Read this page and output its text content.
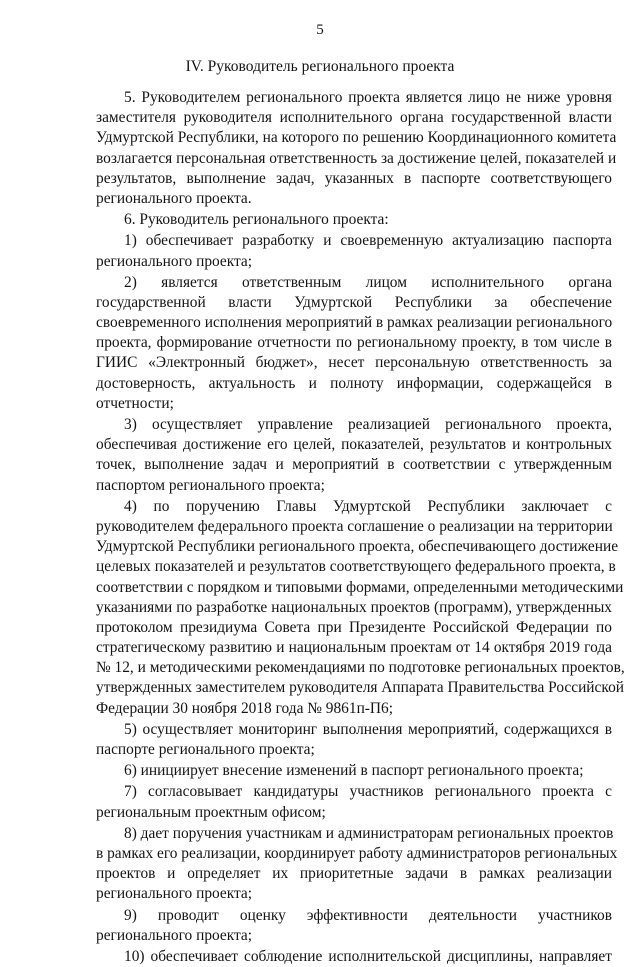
5
IV. Руководитель регионального проекта
5. Руководителем регионального проекта является лицо не ниже уровня
заместителя руководителя исполнительного органа государственной власти
Удмуртской Республики, на которого по решению Координационного комитета
возлагается персональная ответственность за достижение целей, показателей и
результатов, выполнение задач, указанных в паспорте соответствующего
регионального проекта.
6. Руководитель регионального проекта:
1) обеспечивает разработку и своевременную актуализацию паспорта
регионального проекта;
2) является ответственным лицом исполнительного органа
государственной власти Удмуртской Республики за обеспечение
своевременного исполнения мероприятий в рамках реализации регионального
проекта, формирование отчетности по региональному проекту, в том числе в
ГИИС «Электронный бюджет», несет персональную ответственность за
достоверность, актуальность и полноту информации, содержащейся в
отчетности;
3) осуществляет управление реализацией регионального проекта,
обеспечивая достижение его целей, показателей, результатов и контрольных
точек, выполнение задач и мероприятий в соответствии с утвержденным
паспортом регионального проекта;
4) по поручению Главы Удмуртской Республики заключает с
руководителем федерального проекта соглашение о реализации на территории
Удмуртской Республики регионального проекта, обеспечивающего достижение
целевых показателей и результатов соответствующего федерального проекта, в
соответствии с порядком и типовыми формами, определенными методическими
указаниями по разработке национальных проектов (программ), утвержденных
протоколом президиума Совета при Президенте Российской Федерации по
стратегическому развитию и национальным проектам от 14 октября 2019 года
№ 12, и методическими рекомендациями по подготовке региональных проектов,
утвержденных заместителем руководителя Аппарата Правительства Российской
Федерации 30 ноября 2018 года № 9861п-П6;
5) осуществляет мониторинг выполнения мероприятий, содержащихся в
паспорте регионального проекта;
6) инициирует внесение изменений в паспорт регионального проекта;
7) согласовывает кандидатуры участников регионального проекта с
региональным проектным офисом;
8) дает поручения участникам и администраторам региональных проектов
в рамках его реализации, координирует работу администраторов региональных
проектов и определяет их приоритетные задачи в рамках реализации
регионального проекта;
9) проводит оценку эффективности деятельности участников
регионального проекта;
10) обеспечивает соблюдение исполнительской дисциплины, направляет
